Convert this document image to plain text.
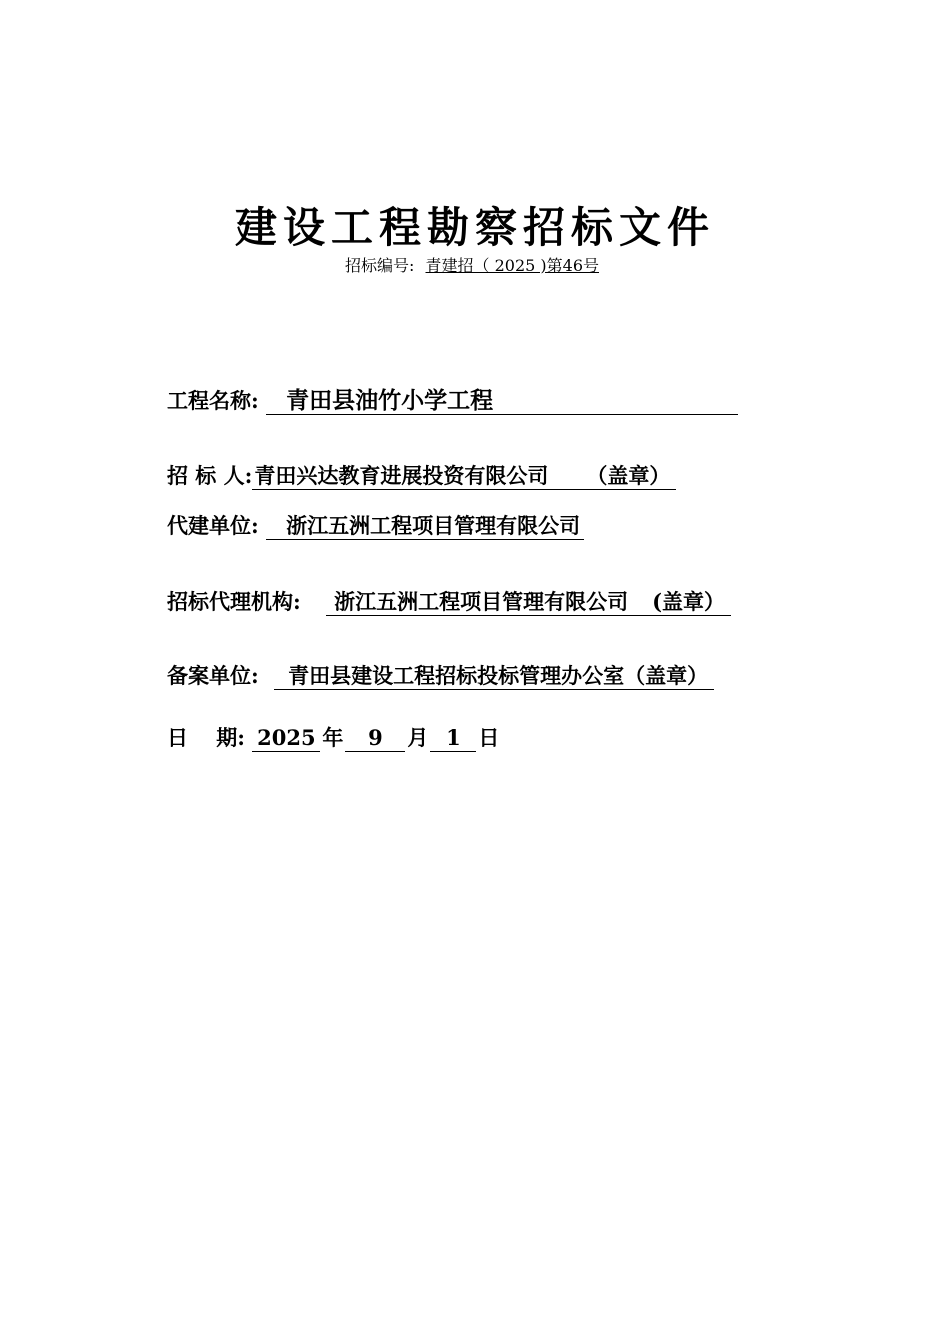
建设工程勘察招标文件
招标编号: 青建招（ 2025 )第46号
工程名称: 青田县油竹小学工程
招 标 人:青田兴达教育进展投资有限公司 （盖章）
代建单位: 浙江五洲工程项目管理有限公司
招标代理机构: 浙江五洲工程项目管理有限公司 (盖章）
备案单位: 青田县建设工程招标投标管理办公室（盖章）
日　 期: 2025 年 9 月 1 日
